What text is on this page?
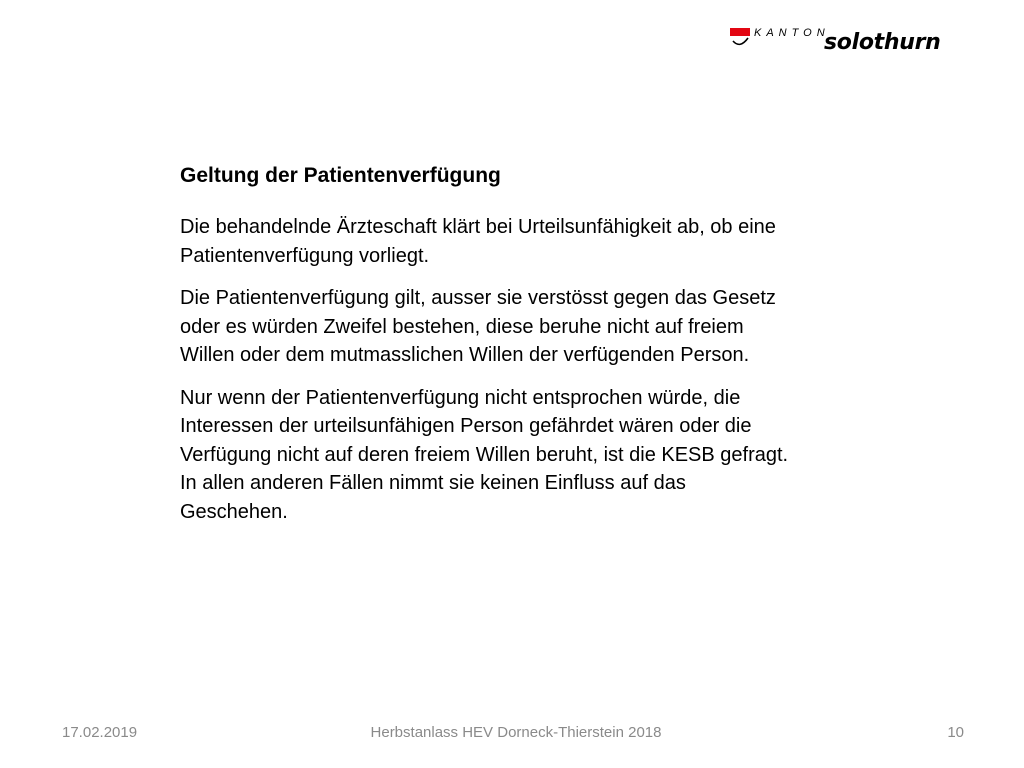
KANTON
solothurn
Geltung der Patientenverfügung
Die behandelnde Ärzteschaft klärt bei Urteilsunfähigkeit ab, ob eine
Patientenverfügung vorliegt.
Die Patientenverfügung gilt, ausser sie verstösst gegen das Gesetz
oder es würden Zweifel bestehen, diese beruhe nicht auf freiem
Willen oder dem mutmasslichen Willen der verfügenden Person.
Nur wenn der Patientenverfügung nicht entsprochen würde, die
Interessen der urteilsunfähigen Person gefährdet wären oder die
Verfügung nicht auf deren freiem Willen beruht, ist die KESB gefragt.
In allen anderen Fällen nimmt sie keinen Einfluss auf das
Geschehen.
17.02.2019	Herbstanlass HEV Dorneck-Thierstein 2018	10
